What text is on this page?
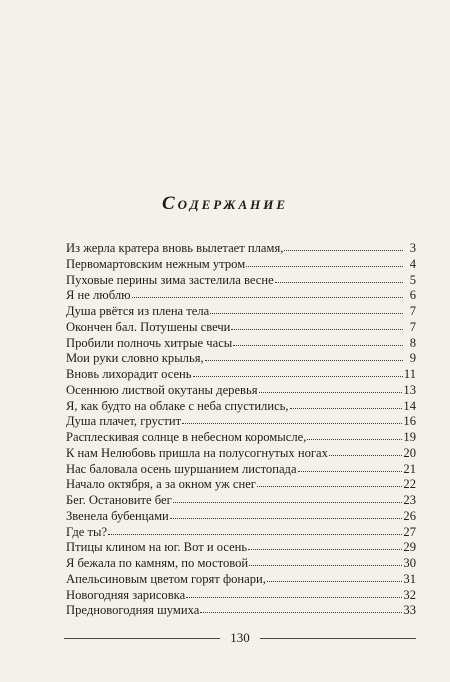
Содержание
Из жерла кратера вновь вылетает пламя,	3
Первомартовским нежным утром	4
Пуховые перины зима застелила весне	5
Я не люблю	6
Душа рвётся из плена тела	7
Окончен бал. Потушены свечи	7
Пробили полночь хитрые часы	8
Мои руки словно крылья,	9
Вновь лихорадит осень	11
Осеннюю листвой окутаны деревья	13
Я, как будто на облаке с неба спустились,	14
Душа плачет, грустит	16
Расплескивая солнце в небесном коромысле,	19
К нам Нелюбовь пришла на полусогнутых ногах	20
Нас баловала осень шуршанием листопада	21
Начало октября, а за окном уж снег	22
Бег. Остановите бег	23
Звенела бубенцами	26
Где ты?	27
Птицы клином на юг. Вот и осень	29
Я бежала по камням, по мостовой	30
Апельсиновым цветом горят фонари,	31
Новогодняя зарисовка	32
Предновогодняя шумиха	33
130
